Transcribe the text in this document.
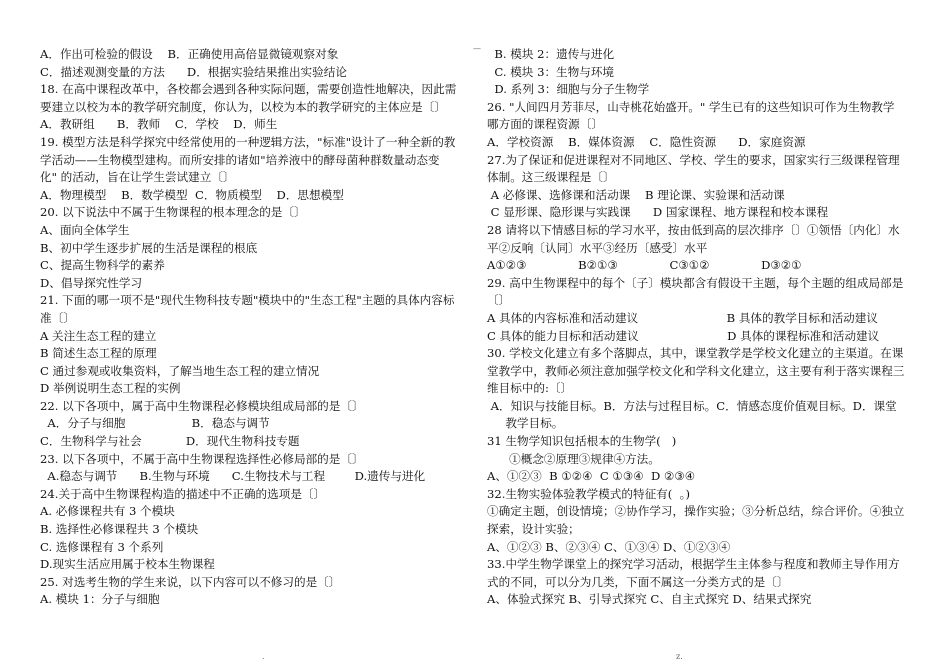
A．作出可检验的假设    B．正确使用高倍显微镜观察对象
C．描述观测变量的方法      D．根据实验结果推出实验结论
18. 在高中课程改革中，各校都会遇到各种实际问题，需要创造性地解决，因此需
要建立以校为本的教学研究制度，你认为，以校为本的教学研究的主体应是〔〕
A．教研组      B．教师    C．学校    D．师生
19. 模型方法是科学探究中经常使用的一种逻辑方法，"标准"设计了一种全新的教
学活动——生物模型建构。而所安排的诸如"培养液中的酵母菌种群数量动态变
化" 的活动，旨在让学生尝试建立〔〕
A．物理模型    B．数学模型  C．物质模型    D．思想模型
20. 以下说法中不属于生物课程的根本理念的是〔〕
A、面向全体学生
B、初中学生逐步扩展的生活是课程的根底
C、提高生物科学的素养
D、倡导探究性学习
21. 下面的哪一项不是"现代生物科技专题"模块中的"生态工程"主题的具体内容标
准〔〕
A 关注生态工程的建立
B 简述生态工程的原理
C 通过参观或收集资料，了解当地生态工程的建立情况
D 举例说明生态工程的实例
22. 以下各项中，属于高中生物课程必修模块组成局部的是〔〕
A．分子与细胞                  B．稳态与调节
C．生物科学与社会            D．现代生物科技专题
23. 以下各项中，不属于高中生物课程选择性必修局部的是〔〕
A.稳态与调节      B.生物与环境      C.生物技术与工程        D.遗传与进化
24.关于高中生物课程构造的描述中不正确的选项是〔〕
A. 必修课程共有 3 个模块
B. 选择性必修课程共 3 个模块
C. 选修课程有 3 个系列
D.现实生活应用属于校本生物课程
25. 对选考生物的学生来说，以下内容可以不修习的是〔〕
A. 模块 1：分子与细胞
B. 模块 2：遗传与进化
C. 模块 3：生物与环境
D. 系列 3：细胞与分子生物学
26. "人间四月芳菲尽，山寺桃花始盛开。" 学生已有的这些知识可作为生物教学
哪方面的课程资源〔〕
A．学校资源    B．媒体资源    C．隐性资源      D．家庭资源
27.为了保证和促进课程对不同地区、学校、学生的要求，国家实行三级课程管理
体制。这三级课程是〔〕
A 必修课、选修课和活动课    B 理论课、实验课和活动课
C 显形课、隐形课与实践课      D 国家课程、地方课程和校本课程
28 请将以下情感目标的学习水平，按由低到高的层次排序〔〕①领悟〔内化〕水
平②反响〔认同〕水平③经历〔感受〕水平
A①②③              B②①③              C③①②              D③②①
29. 高中生物课程中的每个〔子〕模块都含有假设干主题，每个主题的组成局部是
〔〕
A 具体的内容标准和活动建议                        B 具体的教学目标和活动建议
C 具体的能力目标和活动建议                        D 具体的课程标准和活动建议
30. 学校文化建立有多个落脚点，其中，课堂教学是学校文化建立的主渠道。在课
堂教学中，教师必须注意加强学校文化和学科文化建立，这主要有利于落实课程三
维目标中的:〔〕
A．知识与技能目标。B．方法与过程目标。C．情感态度价值观目标。D．课堂
教学目标。
31 生物学知识包括根本的生物学(   )
①概念②原理③规律④方法。
A、①②③  B ①②④  C ①③④  D ②③④
32.生物实验体验教学模式的特征有(  。)
①确定主题，创设情境；②协作学习，操作实验；③分析总结，综合评价。④独立
探索，设计实验；
A、①②③ B、②③④ C、①③④ D、①②③④
33.中学生物学课堂上的探究学习活动，根据学生主体参与程度和教师主导作用方
式的不同，可以分为几类，下面不属这一分类方式的是〔〕
A、体验式探究 B、引导式探究 C、自主式探究 D、结果式探究
—
.	z.
